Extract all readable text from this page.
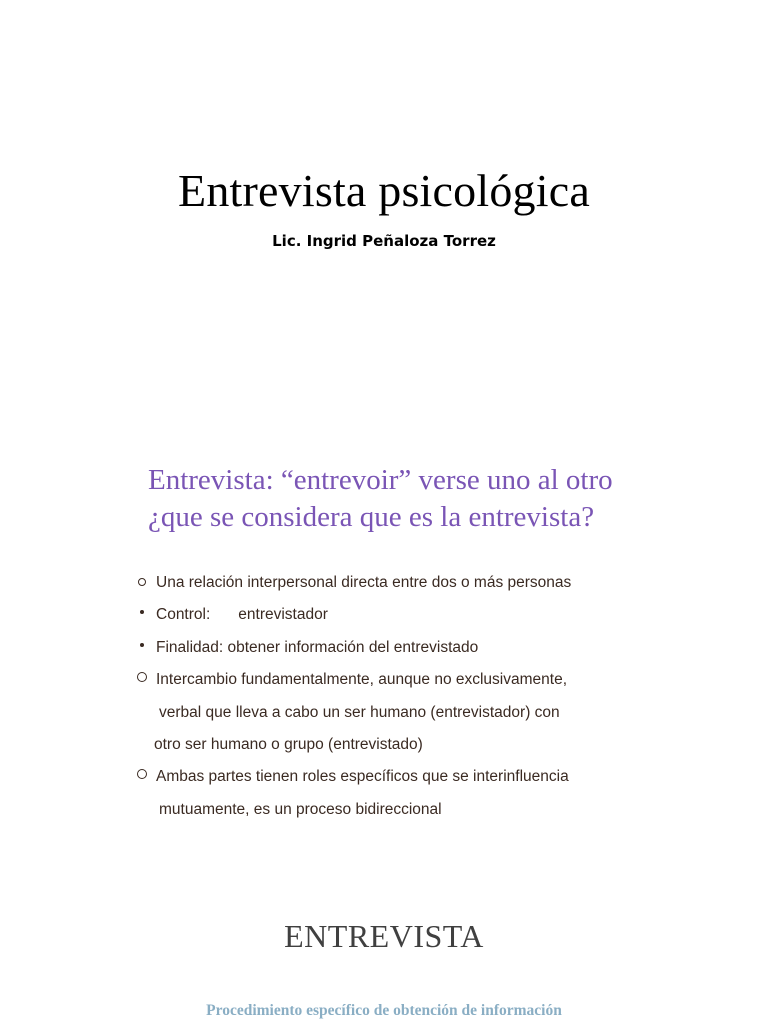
Entrevista psicológica

Lic. Ingrid Peñaloza Torrez

Entrevista: “entrevoir” verse uno al otro
¿que se considera que es la entrevista?
Una relación interpersonal directa entre dos o más personas
Control: entrevistador
Finalidad: obtener información del entrevistado
Intercambio fundamentalmente, aunque no exclusivamente,
verbal que lleva a cabo un ser humano (entrevistador) con
otro ser humano o grupo (entrevistado)
Ambas partes tienen roles específicos que se interinfluencia
mutuamente, es un proceso bidireccional
ENTREVISTA

Procedimiento específico de obtención de información
